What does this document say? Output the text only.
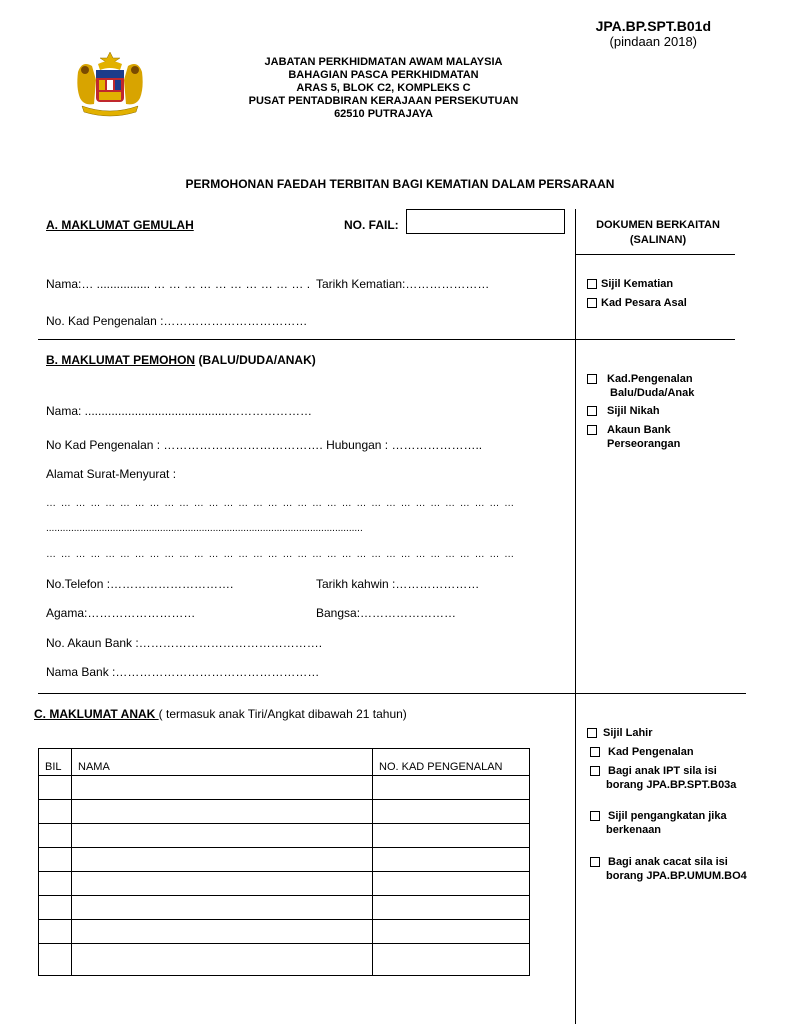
JPA.BP.SPT.B01d
(pindaan 2018)
JABATAN PERKHIDMATAN AWAM MALAYSIA
BAHAGIAN PASCA PERKHIDMATAN
ARAS 5, BLOK C2, KOMPLEKS C
PUSAT PENTADBIRAN KERAJAAN PERSEKUTUAN
62510 PUTRAJAYA
PERMOHONAN FAEDAH TERBITAN BAGI KEMATIAN DALAM PERSARAAN
A. MAKLUMAT GEMULAH	NO. FAIL:
Nama:… ................ … … … … … … … … … … . Tarikh Kematian:…………………
No. Kad Pengenalan :………………………………
DOKUMEN BERKAITAN
(SALINAN)
Sijil Kematian
Kad Pesara Asal
B. MAKLUMAT PEMOHON (BALU/DUDA/ANAK)
Nama: ...........................................…………………
No Kad Pengenalan : …………………………………. Hubungan : …………………..
Alamat Surat-Menyurat :
… … … … … … … … … … … … … … … … … … … … … … … … … … … … … … … …
..................................................................................................................
… … … … … … … … … … … … … … … … … … … … … … … … … … … … … … … …
No.Telefon :………………………….	Tarikh kahwin :…………………
Agama:………………………	Bangsa:……………………
No. Akaun Bank :……………………………………….
Nama Bank :……………………………………………
Kad.Pengenalan
Balu/Duda/Anak
Sijil Nikah
Akaun Bank
Perseorangan
C. MAKLUMAT ANAK ( termasuk anak Tiri/Angkat dibawah 21 tahun)
BIL	NAMA	NO. KAD PENGENALAN

Sijil Lahir
Kad Pengenalan
Bagi anak IPT sila isi
borang JPA.BP.SPT.B03a
Sijil pengangkatan jika
berkenaan
Bagi anak cacat sila isi
borang JPA.BP.UMUM.BO4
